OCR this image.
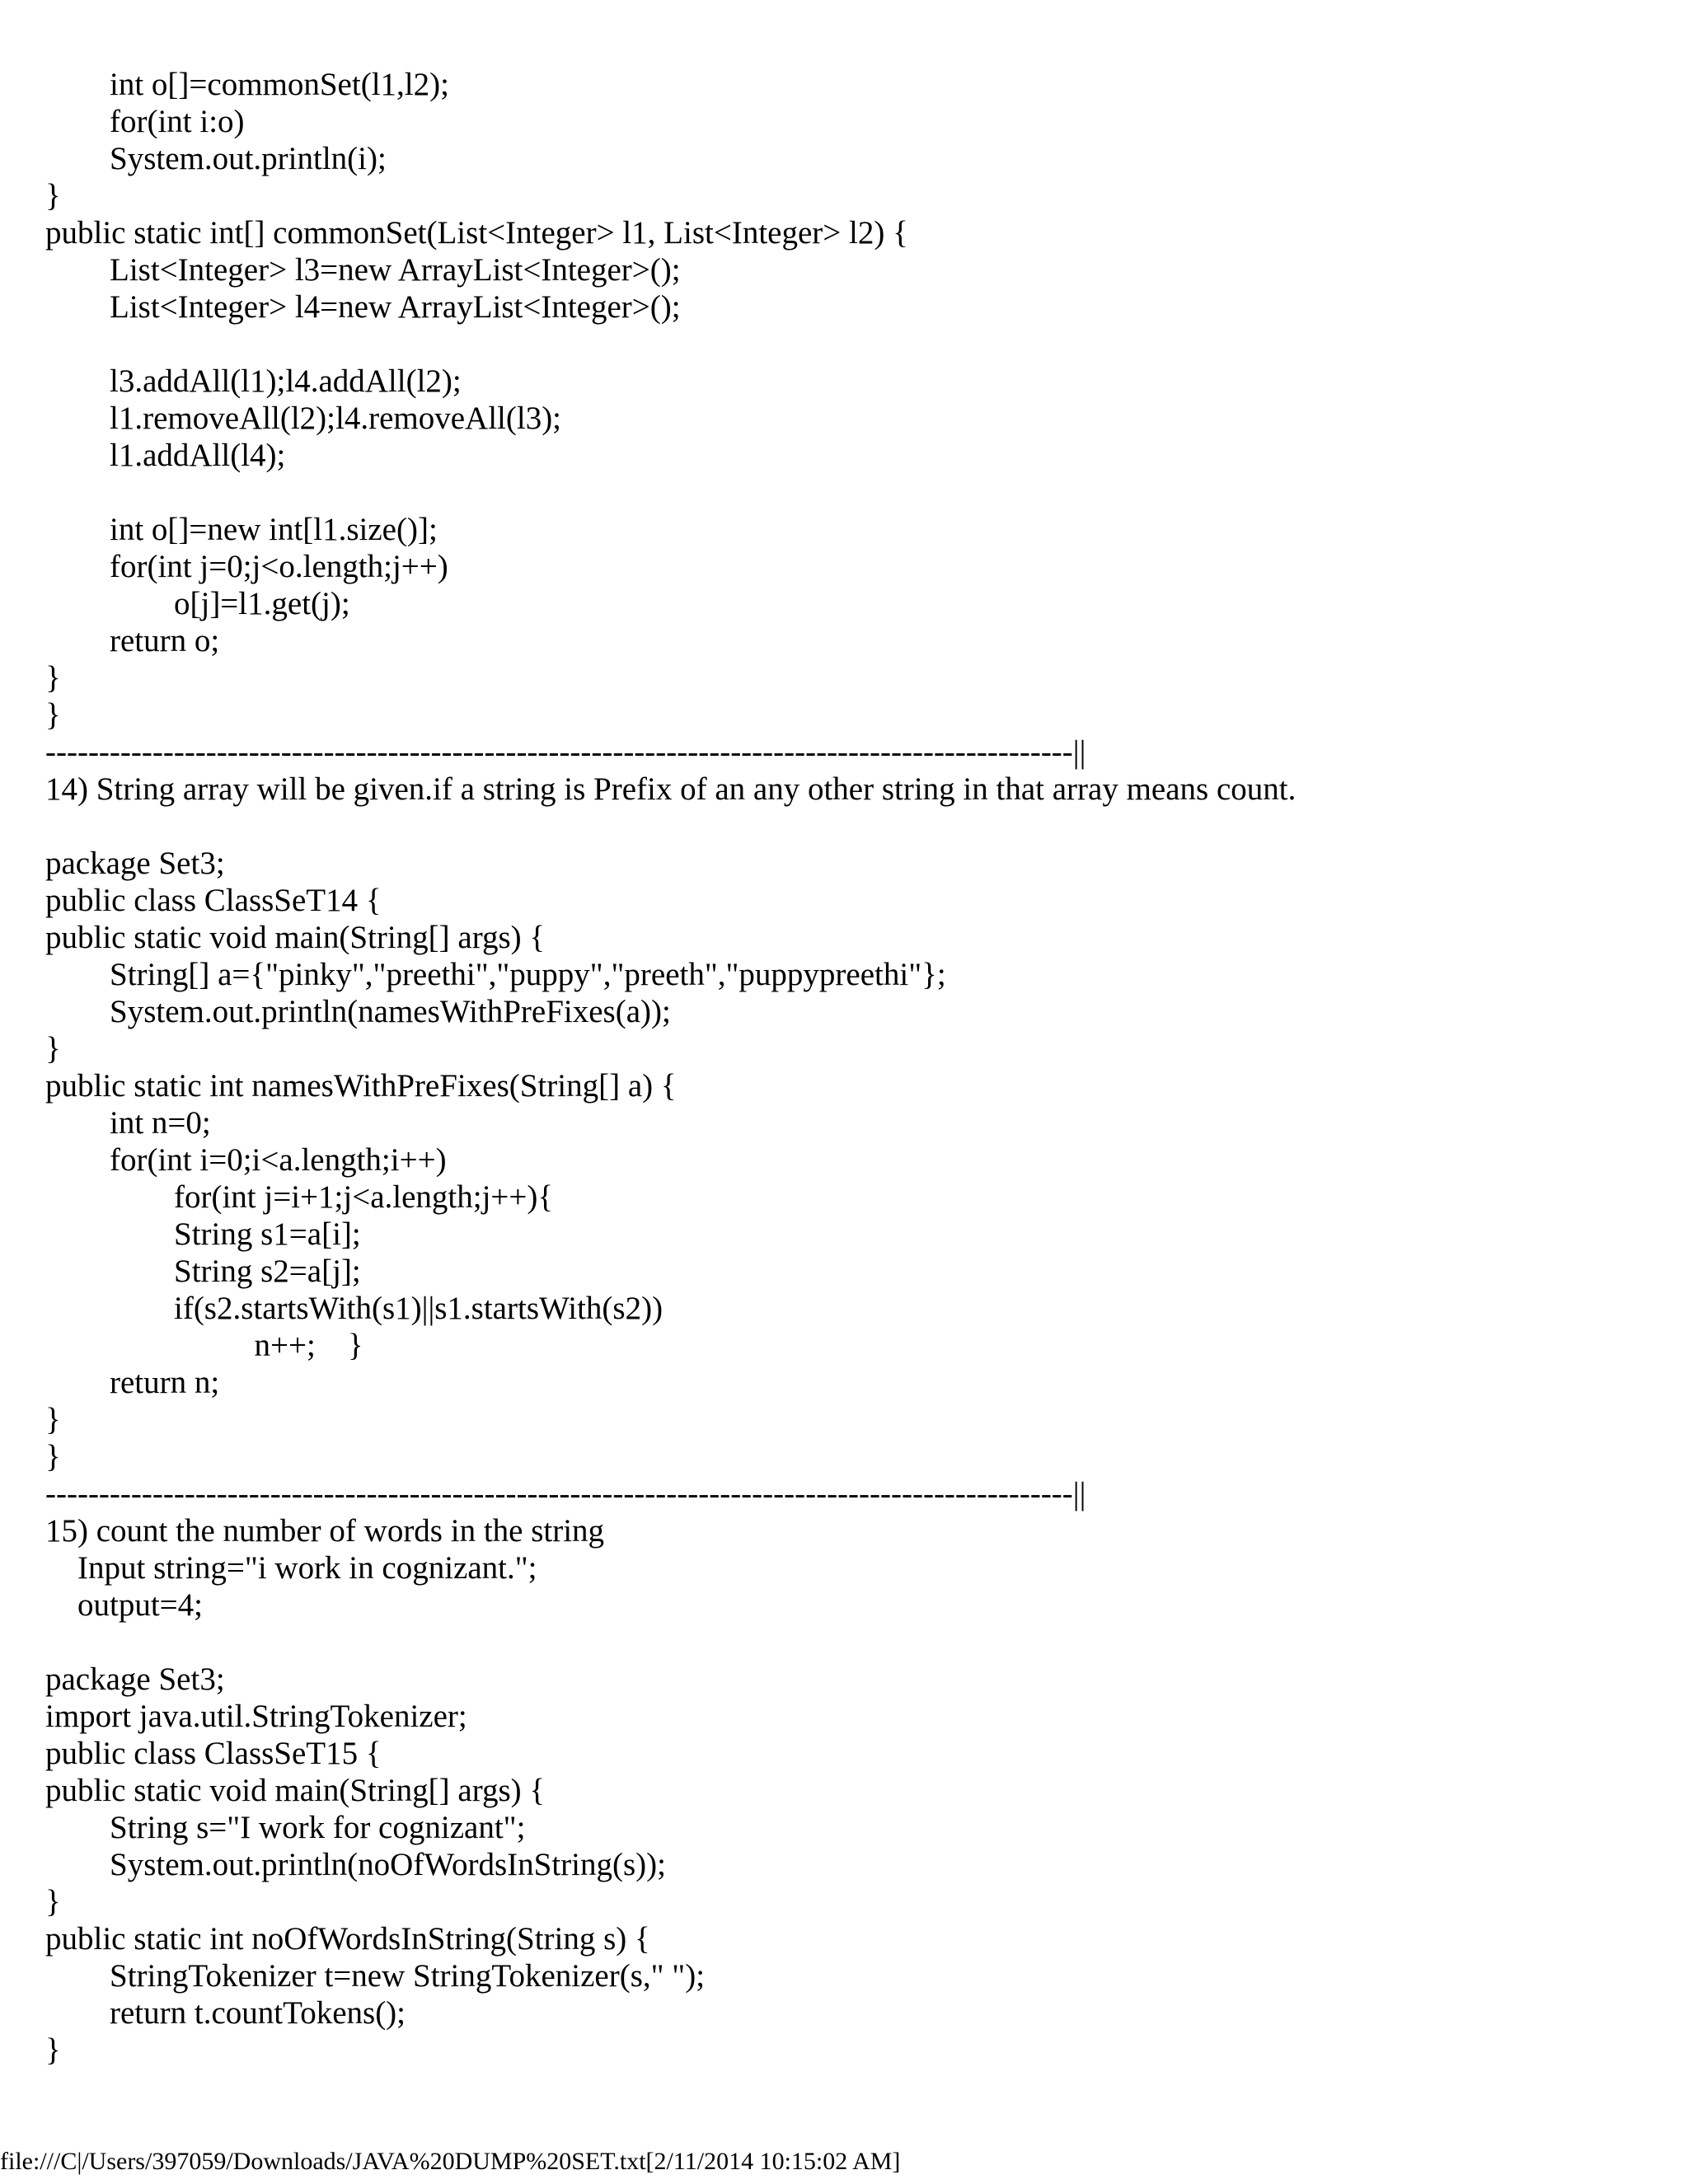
int o[]=commonSet(l1,l2);
for(int i:o)
System.out.println(i);
}
public static int[] commonSet(List<Integer> l1, List<Integer> l2) {
List<Integer> l3=new ArrayList<Integer>();
List<Integer> l4=new ArrayList<Integer>();
l3.addAll(l1);l4.addAll(l2);
l1.removeAll(l2);l4.removeAll(l3);
l1.addAll(l4);
int o[]=new int[l1.size()];
for(int j=0;j<o.length;j++)
o[j]=l1.get(j);
return o;
}
}
------------------------------------------------------------------------------------------------||
14) String array will be given.if a string is Prefix of an any other string in that array means count.
package Set3;
public class ClassSeT14 {
public static void main(String[] args) {
String[] a={"pinky","preethi","puppy","preeth","puppypreethi"};
System.out.println(namesWithPreFixes(a));
}
public static int namesWithPreFixes(String[] a) {
int n=0;
for(int i=0;i<a.length;i++)
for(int j=i+1;j<a.length;j++){
String s1=a[i];
String s2=a[j];
if(s2.startsWith(s1)||s1.startsWith(s2))
n++;    }
return n;
}
}
------------------------------------------------------------------------------------------------||
15) count the number of words in the string
Input string="i work in cognizant.";
output=4;
package Set3;
import java.util.StringTokenizer;
public class ClassSeT15 {
public static void main(String[] args) {
String s="I work for cognizant";
System.out.println(noOfWordsInString(s));
}
public static int noOfWordsInString(String s) {
StringTokenizer t=new StringTokenizer(s," ");
return t.countTokens();
}
file:///C|/Users/397059/Downloads/JAVA%20DUMP%20SET.txt[2/11/2014 10:15:02 AM]
